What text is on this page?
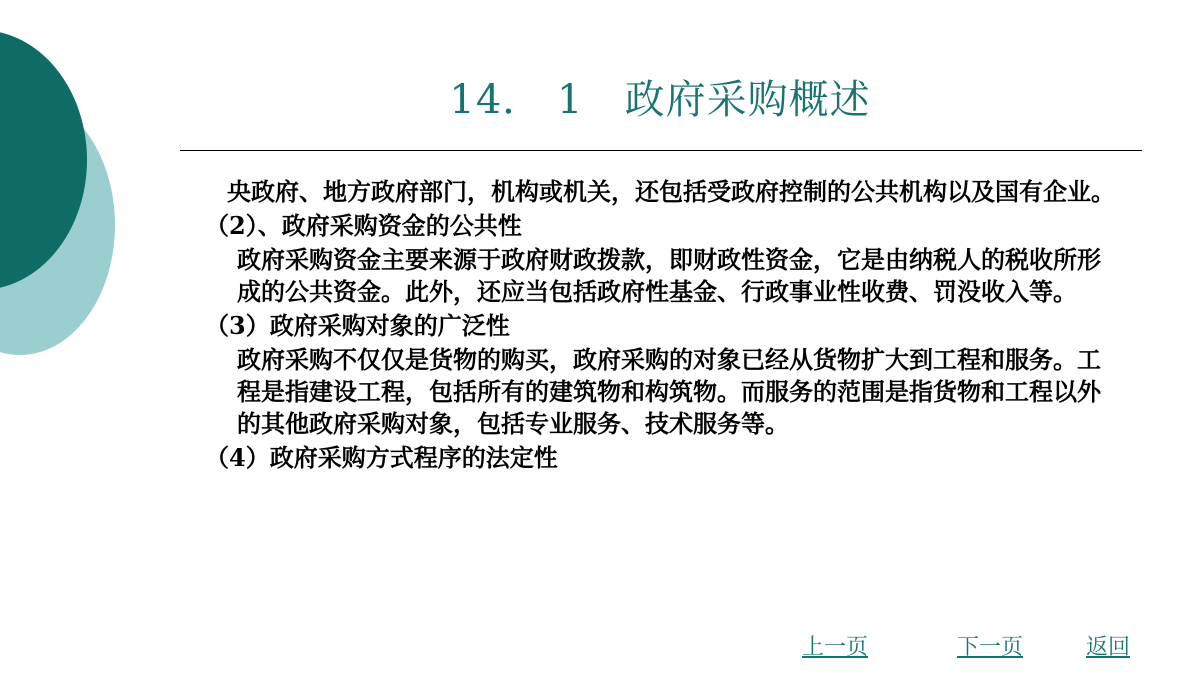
14． 1   政府采购概述

央政府、地方政府部门，机构或机关，还包括受政府控制的公共机构以及国有企业。

（2）、政府采购资金的公共性

政府采购资金主要来源于政府财政拨款，即财政性资金，它是由纳税人的税收所形成的公共资金。此外，还应当包括政府性基金、行政事业性收费、罚没收入等。

（3）政府采购对象的广泛性

政府采购不仅仅是货物的购买，政府采购的对象已经从货物扩大到工程和服务。工程是指建设工程，包括所有的建筑物和构筑物。而服务的范围是指货物和工程以外的其他政府采购对象，包括专业服务、技术服务等。

（4）政府采购方式程序的法定性

上一页	下一页	返回
